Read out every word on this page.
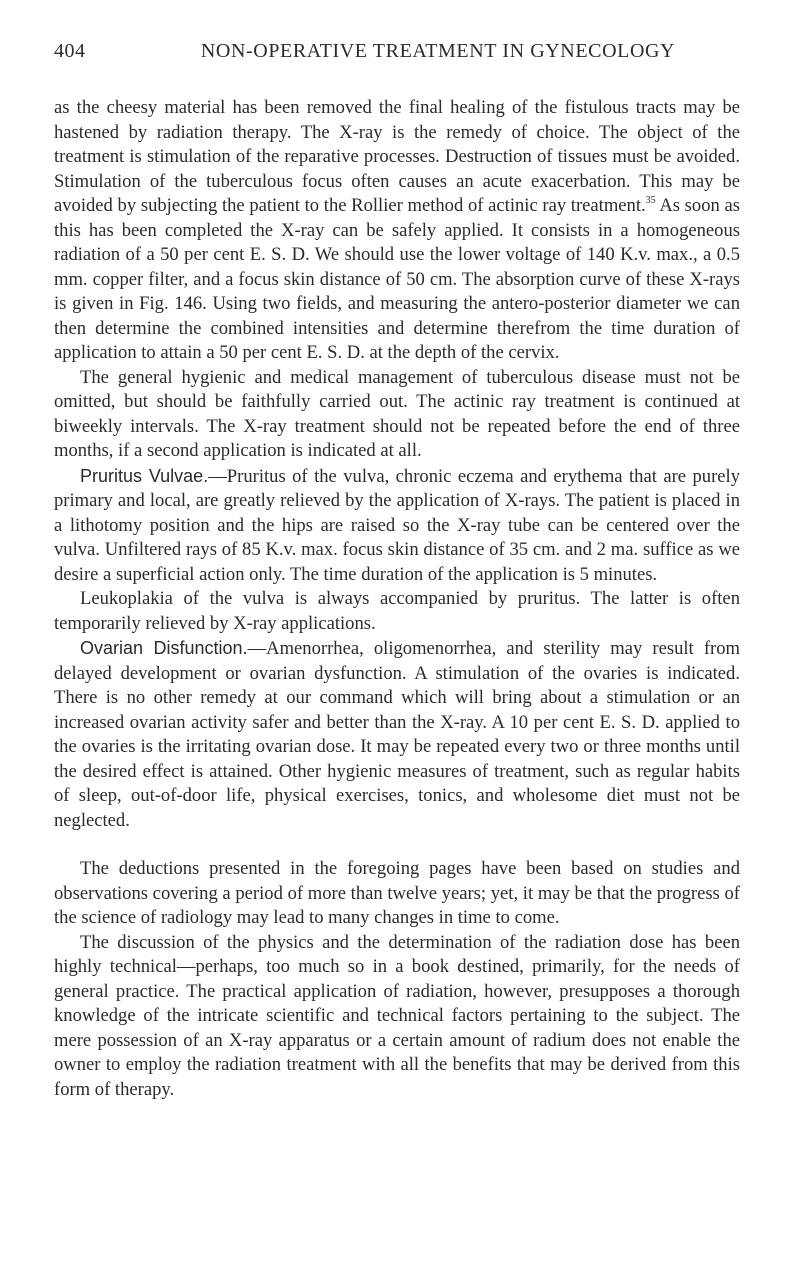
404	NON-OPERATIVE TREATMENT IN GYNECOLOGY

as the cheesy material has been removed the final healing of the fistulous tracts may be hastened by radiation therapy. The X-ray is the remedy of choice. The object of the treatment is stimulation of the reparative processes. Destruction of tissues must be avoided. Stimulation of the tuberculous focus often causes an acute exacerbation. This may be avoided by subjecting the patient to the Rollier method of actinic ray treatment.$^{35}$ As soon as this has been completed the X-ray can be safely applied. It consists in a homogeneous radiation of a 50 per cent E. S. D. We should use the lower voltage of 140 K.v. max., a 0.5 mm. copper filter, and a focus skin distance of 50 cm. The absorption curve of these X-rays is given in Fig. 146. Using two fields, and measuring the antero-posterior diameter we can then determine the combined intensities and determine therefrom the time duration of application to attain a 50 per cent E. S. D. at the depth of the cervix.

The general hygienic and medical management of tuberculous disease must not be omitted, but should be faithfully carried out. The actinic ray treatment is continued at biweekly intervals. The X-ray treatment should not be repeated before the end of three months, if a second application is indicated at all.

Pruritus Vulvae.—Pruritus of the vulva, chronic eczema and erythema that are purely primary and local, are greatly relieved by the application of X-rays. The patient is placed in a lithotomy position and the hips are raised so the X-ray tube can be centered over the vulva. Unfiltered rays of 85 K.v. max. focus skin distance of 35 cm. and 2 ma. suffice as we desire a superficial action only. The time duration of the application is 5 minutes.

Leukoplakia of the vulva is always accompanied by pruritus. The latter is often temporarily relieved by X-ray applications.

Ovarian Disfunction.—Amenorrhea, oligomenorrhea, and sterility may result from delayed development or ovarian dysfunction. A stimulation of the ovaries is indicated. There is no other remedy at our command which will bring about a stimulation or an increased ovarian activity safer and better than the X-ray. A 10 per cent E. S. D. applied to the ovaries is the irritating ovarian dose. It may be repeated every two or three months until the desired effect is attained. Other hygienic measures of treatment, such as regular habits of sleep, out-of-door life, physical exercises, tonics, and wholesome diet must not be neglected.

The deductions presented in the foregoing pages have been based on studies and observations covering a period of more than twelve years; yet, it may be that the progress of the science of radiology may lead to many changes in time to come.

The discussion of the physics and the determination of the radiation dose has been highly technical—perhaps, too much so in a book destined, primarily, for the needs of general practice. The practical application of radiation, however, presupposes a thorough knowledge of the intricate scientific and technical factors pertaining to the subject. The mere possession of an X-ray apparatus or a certain amount of radium does not enable the owner to employ the radiation treatment with all the benefits that may be derived from this form of therapy.
